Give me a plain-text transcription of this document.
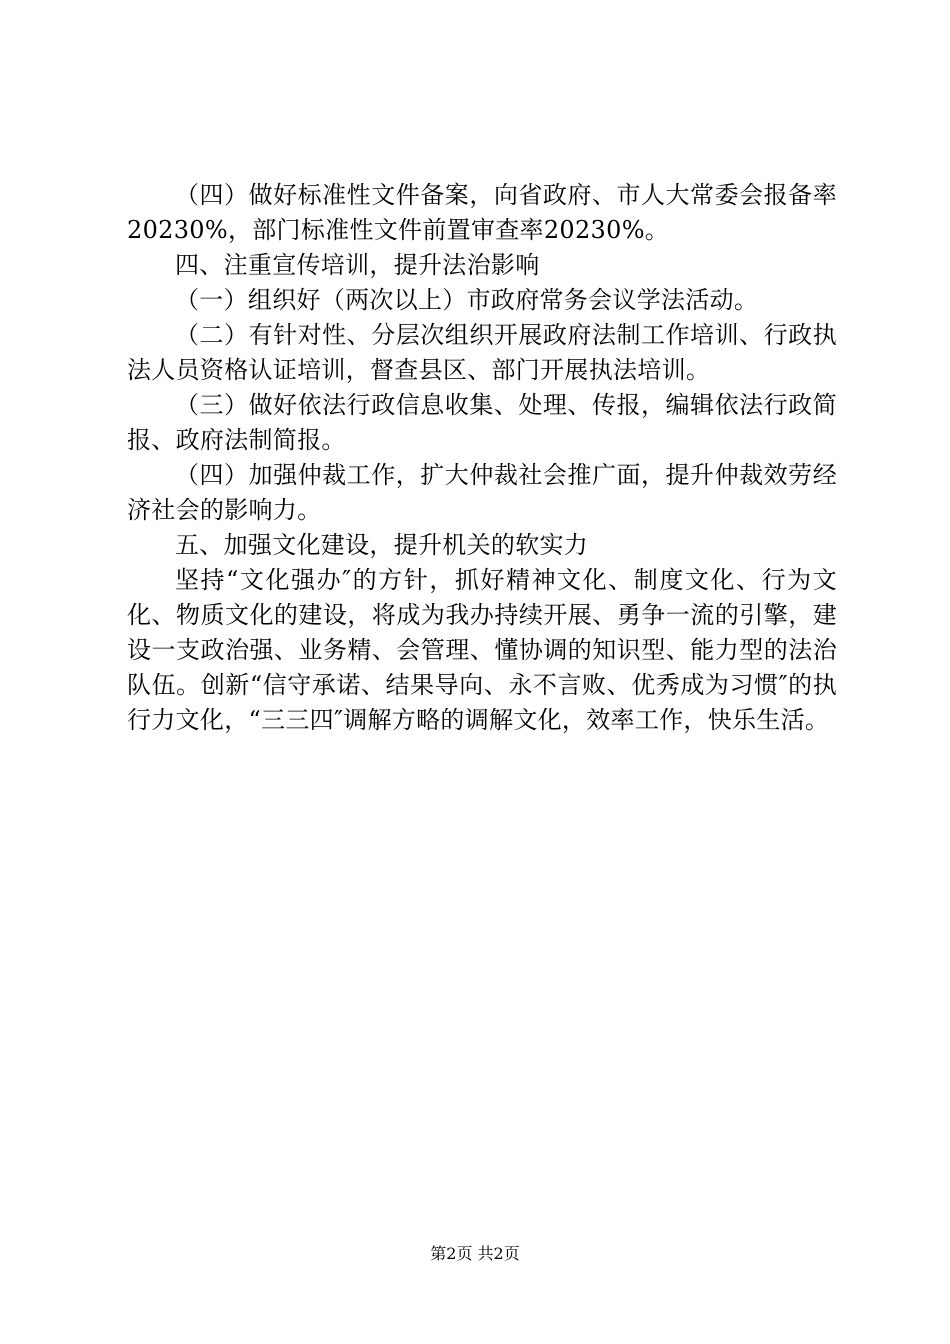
（四）做好标准性文件备案，向省政府、市人大常委会报备率20230%，部门标准性文件前置审查率20230%。

四、注重宣传培训，提升法治影响

（一）组织好（两次以上）市政府常务会议学法活动。

（二）有针对性、分层次组织开展政府法制工作培训、行政执法人员资格认证培训，督查县区、部门开展执法培训。

（三）做好依法行政信息收集、处理、传报，编辑依法行政简报、政府法制简报。

（四）加强仲裁工作，扩大仲裁社会推广面，提升仲裁效劳经济社会的影响力。

五、加强文化建设，提升机关的软实力

坚持“文化强办″的方针，抓好精神文化、制度文化、行为文化、物质文化的建设，将成为我办持续开展、勇争一流的引擎，建设一支政治强、业务精、会管理、懂协调的知识型、能力型的法治队伍。创新“信守承诺、结果导向、永不言败、优秀成为习惯″的执行力文化，“三三四″调解方略的调解文化，效率工作，快乐生活。

第2页 共2页
